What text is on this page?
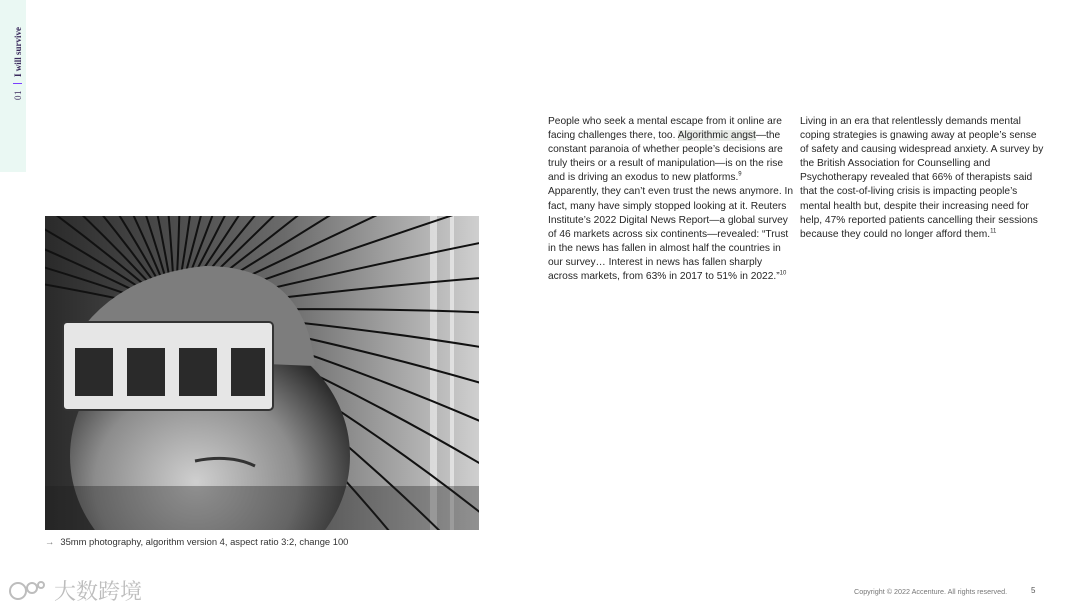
01
I will survive
→ 35mm photography, algorithm version 4, aspect ratio 3:2, change 100

People who seek a mental escape from it online are facing challenges there, too. Algorithmic angst—the constant paranoia of whether people’s decisions are truly theirs or a result of manipulation—is on the rise and is driving an exodus to new platforms.$^9$ Apparently, they can’t even trust the news anymore. In fact, many have simply stopped looking at it. Reuters Institute’s 2022 Digital News Report—a global survey of 46 markets across six continents—revealed: “Trust in the news has fallen in almost half the countries in our survey… Interest in news has fallen sharply across markets, from 63% in 2017 to 51% in 2022.”$^{10}$

Living in an era that relentlessly demands mental coping strategies is gnawing away at people’s sense of safety and causing widespread anxiety. A survey by the British Association for Counselling and Psychotherapy revealed that 66% of therapists said that the cost-of-living crisis is impacting people’s mental health but, despite their increasing need for help, 47% reported patients cancelling their sessions because they could no longer afford them.$^{11}$

大数跨境	Copyright © 2022 Accenture. All rights reserved.	5
